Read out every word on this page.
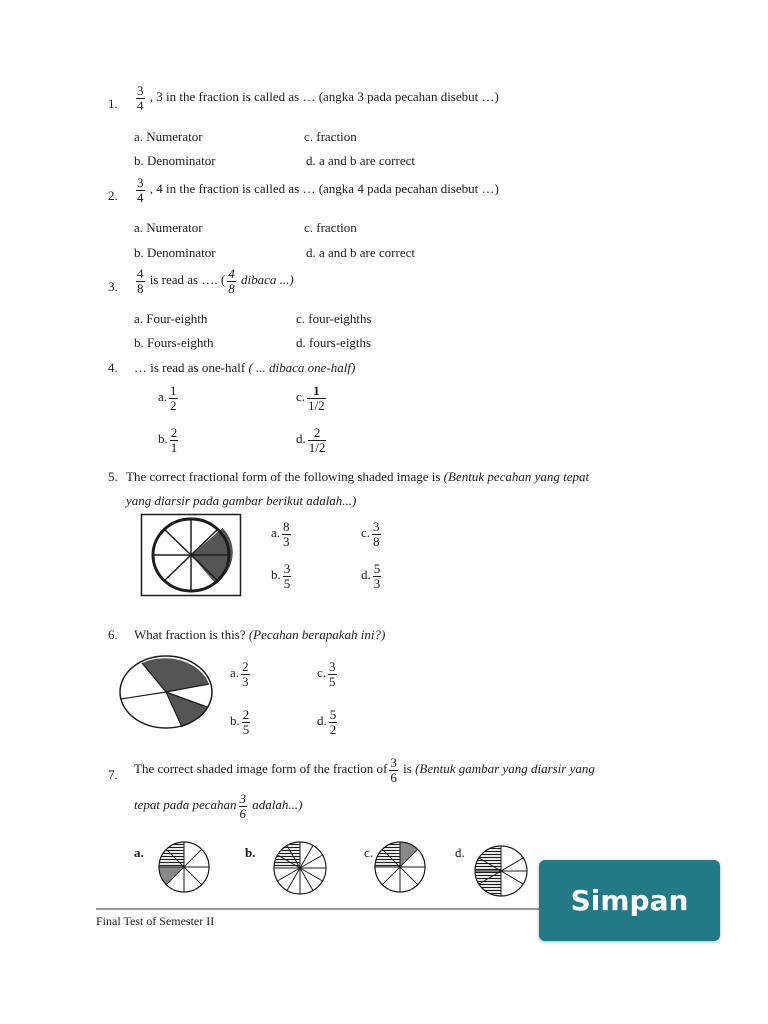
1. $\frac{3}{4}$ , 3 in the fraction is called as … (angka 3 pada pecahan disebut …)
a. Numerator	c. fraction
b. Denominator	d. a and b are correct
2. $\frac{3}{4}$ , 4 in the fraction is called as … (angka 4 pada pecahan disebut …)
a. Numerator	c. fraction
b. Denominator	d. a and b are correct
3. $\frac{4}{8}$ is read as …. ( $\frac{4}{8}$ dibaca ...)
a. Four-eighth	c. four-eighths
b. Fours-eighth	d. fours-eigths
4. … is read as one-half ( ... dibaca one-half)
a. $\frac{1}{2}$	c. $\frac{1}{1/2}$
b. $\frac{2}{1}$	d. $\frac{2}{1/2}$
5. The correct fractional form of the following shaded image is (Bentuk pecahan yang tepat
yang diarsir pada gambar berikut adalah...)
a. $\frac{8}{3}$	c. $\frac{3}{8}$
b. $\frac{3}{5}$	d. $\frac{5}{3}$
6. What fraction is this? (Pecahan berapakah ini?)
a. $\frac{2}{3}$	c. $\frac{3}{5}$
b. $\frac{2}{5}$	d. $\frac{5}{2}$
7. The correct shaded image form of the fraction of $\frac{3}{6}$ is (Bentuk gambar yang diarsir yang
tepat pada pecahan $\frac{3}{6}$ adalah...)
a.	b.	c.	d.
Final Test of Semester II
Simpan
